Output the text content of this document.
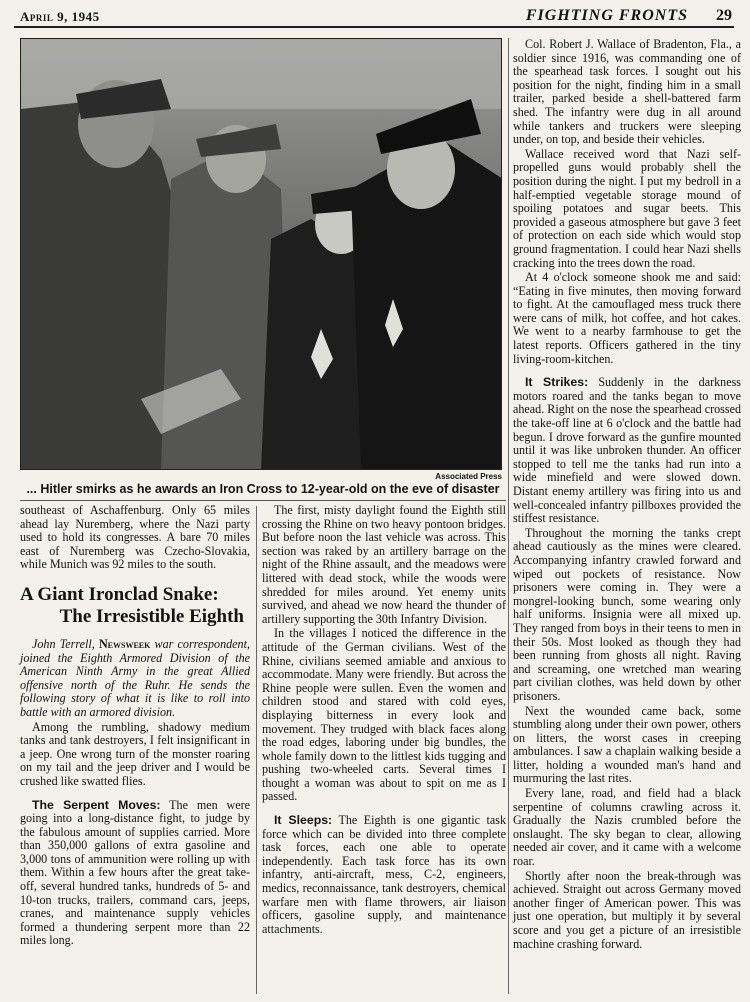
April 9, 1945	FIGHTING FRONTS 29
Associated Press
... Hitler smirks as he awards an Iron Cross to 12-year-old on the eve of disaster

southeast of Aschaffenburg. Only 65 miles ahead lay Nuremberg, where the Nazi party used to hold its congresses. A bare 70 miles east of Nuremberg was Czecho-Slovakia, while Munich was 92 miles to the south.

A Giant Ironclad Snake:
The Irresistible Eighth

John Terrell, Newsweek war correspondent, joined the Eighth Armored Division of the American Ninth Army in the great Allied offensive north of the Ruhr. He sends the following story of what it is like to roll into battle with an armored division.

Among the rumbling, shadowy medium tanks and tank destroyers, I felt insignificant in a jeep. One wrong turn of the monster roaring on my tail and the jeep driver and I would be crushed like swatted flies.

The Serpent Moves: The men were going into a long-distance fight, to judge by the fabulous amount of supplies carried. More than 350,000 gallons of extra gasoline and 3,000 tons of ammunition were rolling up with them. Within a few hours after the great take-off, several hundred tanks, hundreds of 5- and 10-ton trucks, trailers, command cars, jeeps, cranes, and maintenance supply vehicles formed a thundering serpent more than 22 miles long.

The first, misty daylight found the Eighth still crossing the Rhine on two heavy pontoon bridges. But before noon the last vehicle was across. This section was raked by an artillery barrage on the night of the Rhine assault, and the meadows were littered with dead stock, while the woods were shredded for miles around. Yet enemy units survived, and ahead we now heard the thunder of artillery supporting the 30th Infantry Division.

In the villages I noticed the difference in the attitude of the German civilians. West of the Rhine, civilians seemed amiable and anxious to accommodate. Many were friendly. But across the Rhine people were sullen. Even the women and children stood and stared with cold eyes, displaying bitterness in every look and movement. They trudged with black faces along the road edges, laboring under big bundles, the whole family down to the littlest kids tugging and pushing two-wheeled carts. Several times I thought a woman was about to spit on me as I passed.

It Sleeps: The Eighth is one gigantic task force which can be divided into three complete task forces, each one able to operate independently. Each task force has its own infantry, anti-aircraft, mess, C-2, engineers, medics, reconnaissance, tank destroyers, chemical warfare men with flame throwers, air liaison officers, gasoline supply, and maintenance attachments.

Col. Robert J. Wallace of Bradenton, Fla., a soldier since 1916, was commanding one of the spearhead task forces. I sought out his position for the night, finding him in a small trailer, parked beside a shell-battered farm shed. The infantry were dug in all around while tankers and truckers were sleeping under, on top, and beside their vehicles.

Wallace received word that Nazi self-propelled guns would probably shell the position during the night. I put my bedroll in a half-emptied vegetable storage mound of spoiling potatoes and sugar beets. This provided a gaseous atmosphere but gave 3 feet of protection on each side which would stop ground fragmentation. I could hear Nazi shells cracking into the trees down the road.

At 4 o'clock someone shook me and said: “Eating in five minutes, then moving forward to fight. At the camouflaged mess truck there were cans of milk, hot coffee, and hot cakes. We went to a nearby farmhouse to get the latest reports. Officers gathered in the tiny living-room-kitchen.

It Strikes: Suddenly in the darkness motors roared and the tanks began to move ahead. Right on the nose the spearhead crossed the take-off line at 6 o'clock and the battle had begun. I drove forward as the gunfire mounted until it was like unbroken thunder. An officer stopped to tell me the tanks had run into a wide minefield and were slowed down. Distant enemy artillery was firing into us and well-concealed infantry pillboxes provided the stiffest resistance.

Throughout the morning the tanks crept ahead cautiously as the mines were cleared. Accompanying infantry crawled forward and wiped out pockets of resistance. Now prisoners were coming in. They were a mongrel-looking bunch, some wearing only half uniforms. Insignia were all mixed up. They ranged from boys in their teens to men in their 50s. Most looked as though they had been running from ghosts all night. Raving and screaming, one wretched man wearing part civilian clothes, was held down by other prisoners.

Next the wounded came back, some stumbling along under their own power, others on litters, the worst cases in creeping ambulances. I saw a chaplain walking beside a litter, holding a wounded man's hand and murmuring the last rites.

Every lane, road, and field had a black serpentine of columns crawling across it. Gradually the Nazis crumbled before the onslaught. The sky began to clear, allowing needed air cover, and it came with a welcome roar.

Shortly after noon the break-through was achieved. Straight out across Germany moved another finger of American power. This was just one operation, but multiply it by several score and you get a picture of an irresistible machine crashing forward.
